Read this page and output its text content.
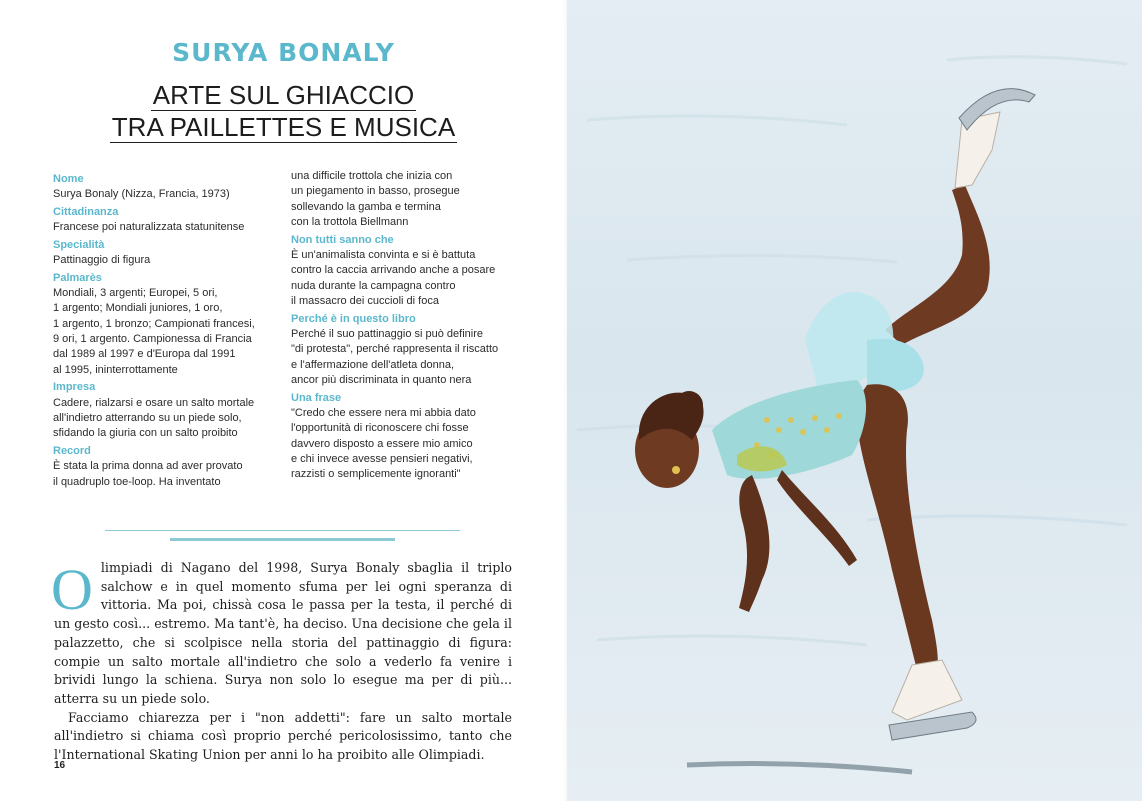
SURYA BONALY
ARTE SUL GHIACCIO
TRA PAILLETTES E MUSICA
Nome
Surya Bonaly (Nizza, Francia, 1973)
Cittadinanza
Francese poi naturalizzata statunitense
Specialità
Pattinaggio di figura
Palmarès
Mondiali, 3 argenti; Europei, 5 ori,
1 argento; Mondiali juniores, 1 oro,
1 argento, 1 bronzo; Campionati francesi,
9 ori, 1 argento. Campionessa di Francia
dal 1989 al 1997 e d'Europa dal 1991
al 1995, ininterrottamente
Impresa
Cadere, rialzarsi e osare un salto mortale
all'indietro atterrando su un piede solo,
sfidando la giuria con un salto proibito
Record
È stata la prima donna ad aver provato
il quadruplo toe-loop. Ha inventato
una difficile trottola che inizia con
un piegamento in basso, prosegue
sollevando la gamba e termina
con la trottola Biellmann
Non tutti sanno che
È un'animalista convinta e si è battuta
contro la caccia arrivando anche a posare
nuda durante la campagna contro
il massacro dei cuccioli di foca
Perché è in questo libro
Perché il suo pattinaggio si può definire
"di protesta", perché rappresenta il riscatto
e l'affermazione dell'atleta donna,
ancor più discriminata in quanto nera
Una frase
"Credo che essere nera mi abbia dato
l'opportunità di riconoscere chi fosse
davvero disposto a essere mio amico
e chi invece avesse pensieri negativi,
razzisti o semplicemente ignoranti"

Olimpiadi di Nagano del 1998, Surya Bonaly sbaglia il triplo salchow e in quel momento sfuma per lei ogni speranza di vittoria. Ma poi, chissà cosa le passa per la testa, il perché di un gesto così... estremo. Ma tant'è, ha deciso. Una decisione che gela il palazzetto, che si scolpisce nella storia del pattinaggio di figura: compie un salto mortale all'indietro che solo a vederlo fa venire i brividi lungo la schiena. Surya non solo lo esegue ma per di più... atterra su un piede solo.

Facciamo chiarezza per i "non addetti": fare un salto mortale all'indietro si chiama così proprio perché pericolosissimo, tanto che l'International Skating Union per anni lo ha proibito alle Olimpiadi.

16
